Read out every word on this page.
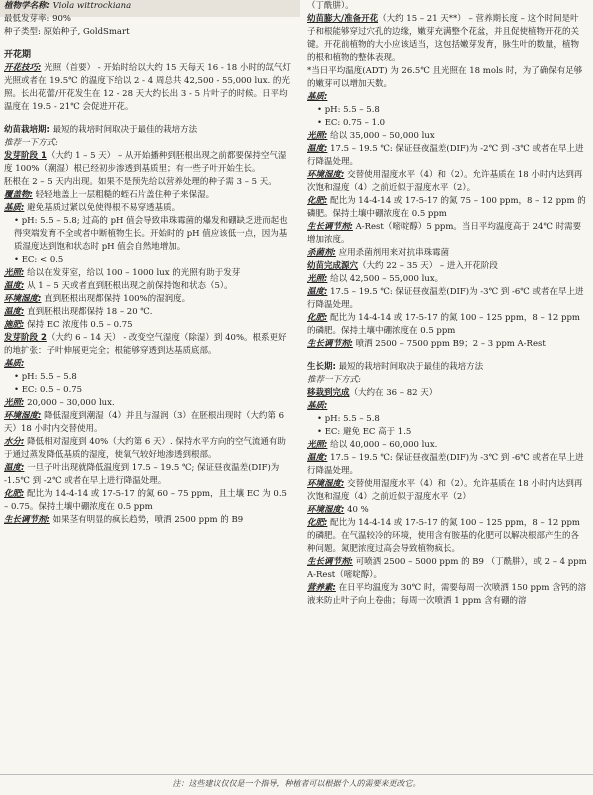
植物学名称: Viola wittrockiana

最低发芽率: 90%

种子类型: 原始种子, GoldSmart

开花期

开花技巧: 光照（首要） - 开始时给以大约 15 天每天 16 - 18 小时的氙气灯光照或者在 19.5℃ 的温度下给以 2 - 4 周总共 42,500 - 55,000 lux. 的光照。长出花蕾/开花发生在 12 - 28 天大约长出 3 - 5 片叶子的时候。日平均温度在 19.5 - 21℃ 会促进开花。

幼苗栽培期: 最短的栽培时间取决于最佳的栽培方法

推荐一下方式:

发芽阶段 1（大约 1 – 5 天） – 从开始播种到胚根出现之前都要保持空气湿度 100%（潮湿）根已经初步渗透到基质里；有一些子叶开始生长。

胚根在 2 – 5 天内出现。如果不是预先给以营养处理的种子需 3 – 5 天。

覆盖物: 轻轻地盖上一层粗糙的蛭石片盖住种子来保湿。

基质: 避免基质过紧以免使得根不易穿透基质。

• pH: 5.5 – 5.8; 过高的 pH 值会导致串珠霉菌的爆发和硼缺乏进而起也得突端发育不全或者中断植物生长。开始时的 pH 值应该低一点，因为基质湿度达到饱和状态时 pH 值会自然地增加。

• EC: < 0.5

光照: 给以在发芽室，给以 100 – 1000 lux 的光照有助于发芽

温度: 从 1 – 5 天或者直到胚根出现之前保持饱和状态（5）。

环境湿度: 直到胚根出现都保持 100%的湿润度。

温度: 直到胚根出现都保持 18 – 20 ℃.

施肥: 保持 EC 浓度伟 0.5 – 0.75

发芽阶段 2（大约 6 – 14 天） - 改变空气湿度（除湿）到 40%。根系更好的地扩张：子叶伸展更完全；根能够穿透到达基质底部。

基质:

• pH: 5.5 – 5.8

• EC: 0.5 – 0.75

光照: 20,000 – 30,000 lux.

环境湿度: 降低湿度到潮湿（4）并且与湿润（3）在胚根出现时（大约第 6 天）18 小时内交替使用。

水分: 降低相对湿度到 40%（大约第 6 天）. 保持水平方向的空气流通有助于通过蒸发降低基质的湿度，使氧气较好地渗透到根部。

温度: 一旦子叶出现就降低温度到 17.5 – 19.5 ℃; 保证昼夜温差(DIF)为 -1.5℃ 到 -2℃ 或者在早上进行降温处理。

化肥: 配比为 14-4-14 或 17-5-17 的氮 60 – 75 ppm，且土壤 EC 为 0.5 – 0.75。保持土壤中硼浓度在 0.5 ppm

生长调节剂: 如果茎有明显的疯长趋势，喷洒 2500 ppm 的 B9

（丁酰肼）。

幼苗膨大/准备开花（大约 15 – 21 天**） – 营养期长度 – 这个时间是叶子和根能够穿过穴孔的边缘，嫩芽充满整个花盆，并且促使植物开花的关键。开花前植物的大小应该适当，这包括嫩芽发育，脉生叶的数量，植物的根和植物的整体表现。

*当日平均温度(ADT) 为 26.5℃ 且光照在 18 mols 时，为了确保有足够的嫩芽可以增加天数。

基质:

• pH: 5.5 – 5.8

• EC: 0.75 – 1.0

光照: 给以 35,000 – 50,000 lux

温度: 17.5 – 19.5 ℃: 保证昼夜温差(DIF)为 -2℃ 到 -3℃ 或者在早上进行降温处理。

环境湿度: 交替使用湿度水平（4）和（2）。允许基质在 18 小时内达到再次饱和湿度（4）之前近似于湿度水平（2）。

化肥: 配比为 14-4-14 或 17-5-17 的氮 75 – 100 ppm，8 – 12 ppm 的磷肥。保持土壤中硼浓度在 0.5 ppm

生长调节剂: A-Rest（嘧啶醇）5 ppm。当日平均温度高于 24℃ 时需要增加浓度。

杀菌剂: 应用杀菌剂用来对抗串珠霉菌

幼苗完成源穴（大约 22 – 35 天） – 进入开花阶段

光照: 给以 42,500 – 55,000 lux。

温度: 17.5 – 19.5 ℃: 保证昼夜温差(DIF)为 -3℃ 到 -6℃ 或者在早上进行降温处理。

化肥: 配比为 14-4-14 或 17-5-17 的氮 100 – 125 ppm，8 – 12 ppm 的磷肥。保持土壤中硼浓度在 0.5 ppm

生长调节剂: 喷洒 2500 – 7500 ppm B9；2 – 3 ppm A-Rest

生长期: 最短的栽培时间取决于最佳的栽培方法

推荐一下方式:

移栽到完成（大约在 36 – 82 天）

基质:

• pH: 5.5 – 5.8

• EC: 避免 EC 高于 1.5

光照: 给以 40,000 – 60,000 lux.

温度: 17.5 – 19.5 ℃: 保证昼夜温差(DIF)为 -3℃ 到 -6℃ 或者在早上进行降温处理。

环境湿度: 交替使用湿度水平（4）和（2）。允许基质在 18 小时内达到再次饱和湿度（4）之前近似于湿度水平（2）

环境湿度: 40 %

化肥: 配比为 14-4-14 或 17-5-17 的氮 100 – 125 ppm，8 – 12 ppm 的磷肥。在气温较冷的环境，使用含有胺基的化肥可以解决根部产生的各种问题。氮肥浓度过高会导致植物疯长。

生长调节剂: 可喷洒 2500 – 5000 ppm 的 B9 （丁酰肼），或 2 – 4 ppm A-Rest（嘧啶醇）。

营养素: 在日平均温度为 30℃ 时，需要每周一次喷洒 150 ppm 含钙的溶液来防止叶子向上卷曲；每周一次喷洒 1 ppm 含有硼的溶

注：这些建议仅仅是一个指导，种植者可以根据个人的需要来更改它。
